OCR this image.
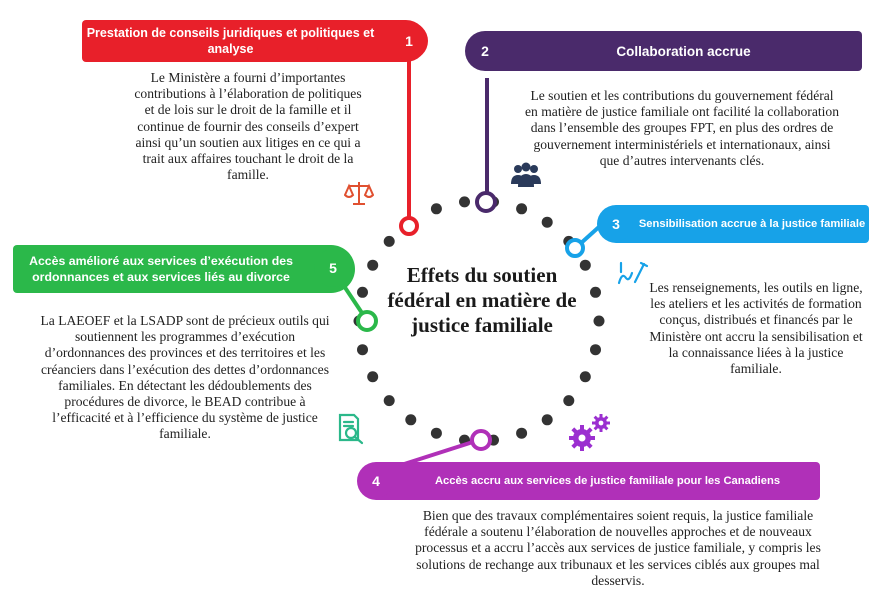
Effets du soutien fédéral en matière de justice familiale
Prestation de conseils juridiques et politiques et analyse	1
Collaboration accrue
2
Sensibilisation accrue à la justice familiale
3
Accès accru aux services de justice familiale pour les Canadiens
4
Accès amélioré aux services d’exécution des ordonnances et aux services liés au divorce
5
Le Ministère a fourni d’importantes contributions à l’élaboration de politiques et de lois sur le droit de la famille et il continue de fournir des conseils d’expert ainsi qu’un soutien aux litiges en ce qui a trait aux affaires touchant le droit de la famille.
Le soutien et les contributions du gouvernement fédéral en matière de justice familiale ont facilité la collaboration dans l’ensemble des groupes FPT, en plus des ordres de gouvernement interministériels et internationaux, ainsi que d’autres intervenants clés.
Les renseignements, les outils en ligne, les ateliers et les activités de formation conçus, distribués et financés par le Ministère ont accru la sensibilisation et la connaissance liées à la justice familiale.
Bien que des travaux complémentaires soient requis, la justice familiale fédérale a soutenu l’élaboration de nouvelles approches et de nouveaux processus et a accru l’accès aux services de justice familiale, y compris les solutions de rechange aux tribunaux et les services ciblés aux groupes mal desservis.
La LAEOEF et la LSADP sont de précieux outils qui soutiennent les programmes d’exécution d’ordonnances des provinces et des territoires et les créanciers dans l’exécution des dettes d’ordonnances familiales. En détectant les dédoublements des procédures de divorce, le BEAD contribue à l’efficacité et à l’efficience du système de justice familiale.
